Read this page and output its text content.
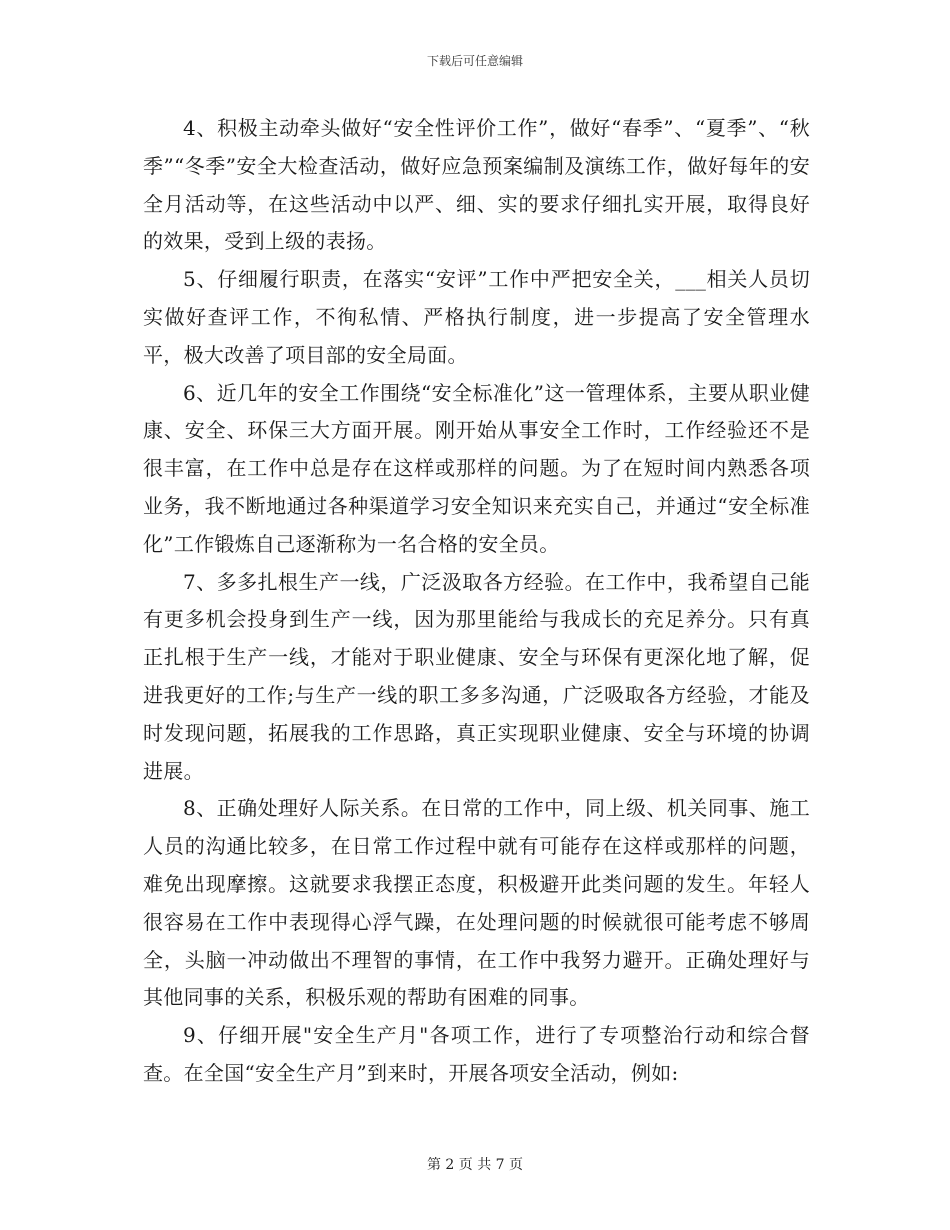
下载后可任意编辑

4、积极主动牵头做好“安全性评价工作”，做好“春季”、“夏季”、“秋季”“冬季”安全大检查活动，做好应急预案编制及演练工作，做好每年的安全月活动等，在这些活动中以严、细、实的要求仔细扎实开展，取得良好的效果，受到上级的表扬。

5、仔细履行职责，在落实“安评”工作中严把安全关，___相关人员切实做好查评工作，不徇私情、严格执行制度，进一步提高了安全管理水平，极大改善了项目部的安全局面。

6、近几年的安全工作围绕“安全标准化”这一管理体系，主要从职业健康、安全、环保三大方面开展。刚开始从事安全工作时，工作经验还不是很丰富，在工作中总是存在这样或那样的问题。为了在短时间内熟悉各项业务，我不断地通过各种渠道学习安全知识来充实自己，并通过“安全标准化”工作锻炼自己逐渐称为一名合格的安全员。

7、多多扎根生产一线，广泛汲取各方经验。在工作中，我希望自己能有更多机会投身到生产一线，因为那里能给与我成长的充足养分。只有真正扎根于生产一线，才能对于职业健康、安全与环保有更深化地了解，促进我更好的工作;与生产一线的职工多多沟通，广泛吸取各方经验，才能及时发现问题，拓展我的工作思路，真正实现职业健康、安全与环境的协调进展。

8、正确处理好人际关系。在日常的工作中，同上级、机关同事、施工人员的沟通比较多，在日常工作过程中就有可能存在这样或那样的问题，难免出现摩擦。这就要求我摆正态度，积极避开此类问题的发生。年轻人很容易在工作中表现得心浮气躁，在处理问题的时候就很可能考虑不够周全，头脑一冲动做出不理智的事情，在工作中我努力避开。正确处理好与其他同事的关系，积极乐观的帮助有困难的同事。

9、仔细开展"安全生产月"各项工作，进行了专项整治行动和综合督查。在全国“安全生产月”到来时，开展各项安全活动，例如:

第 2 页 共 7 页
